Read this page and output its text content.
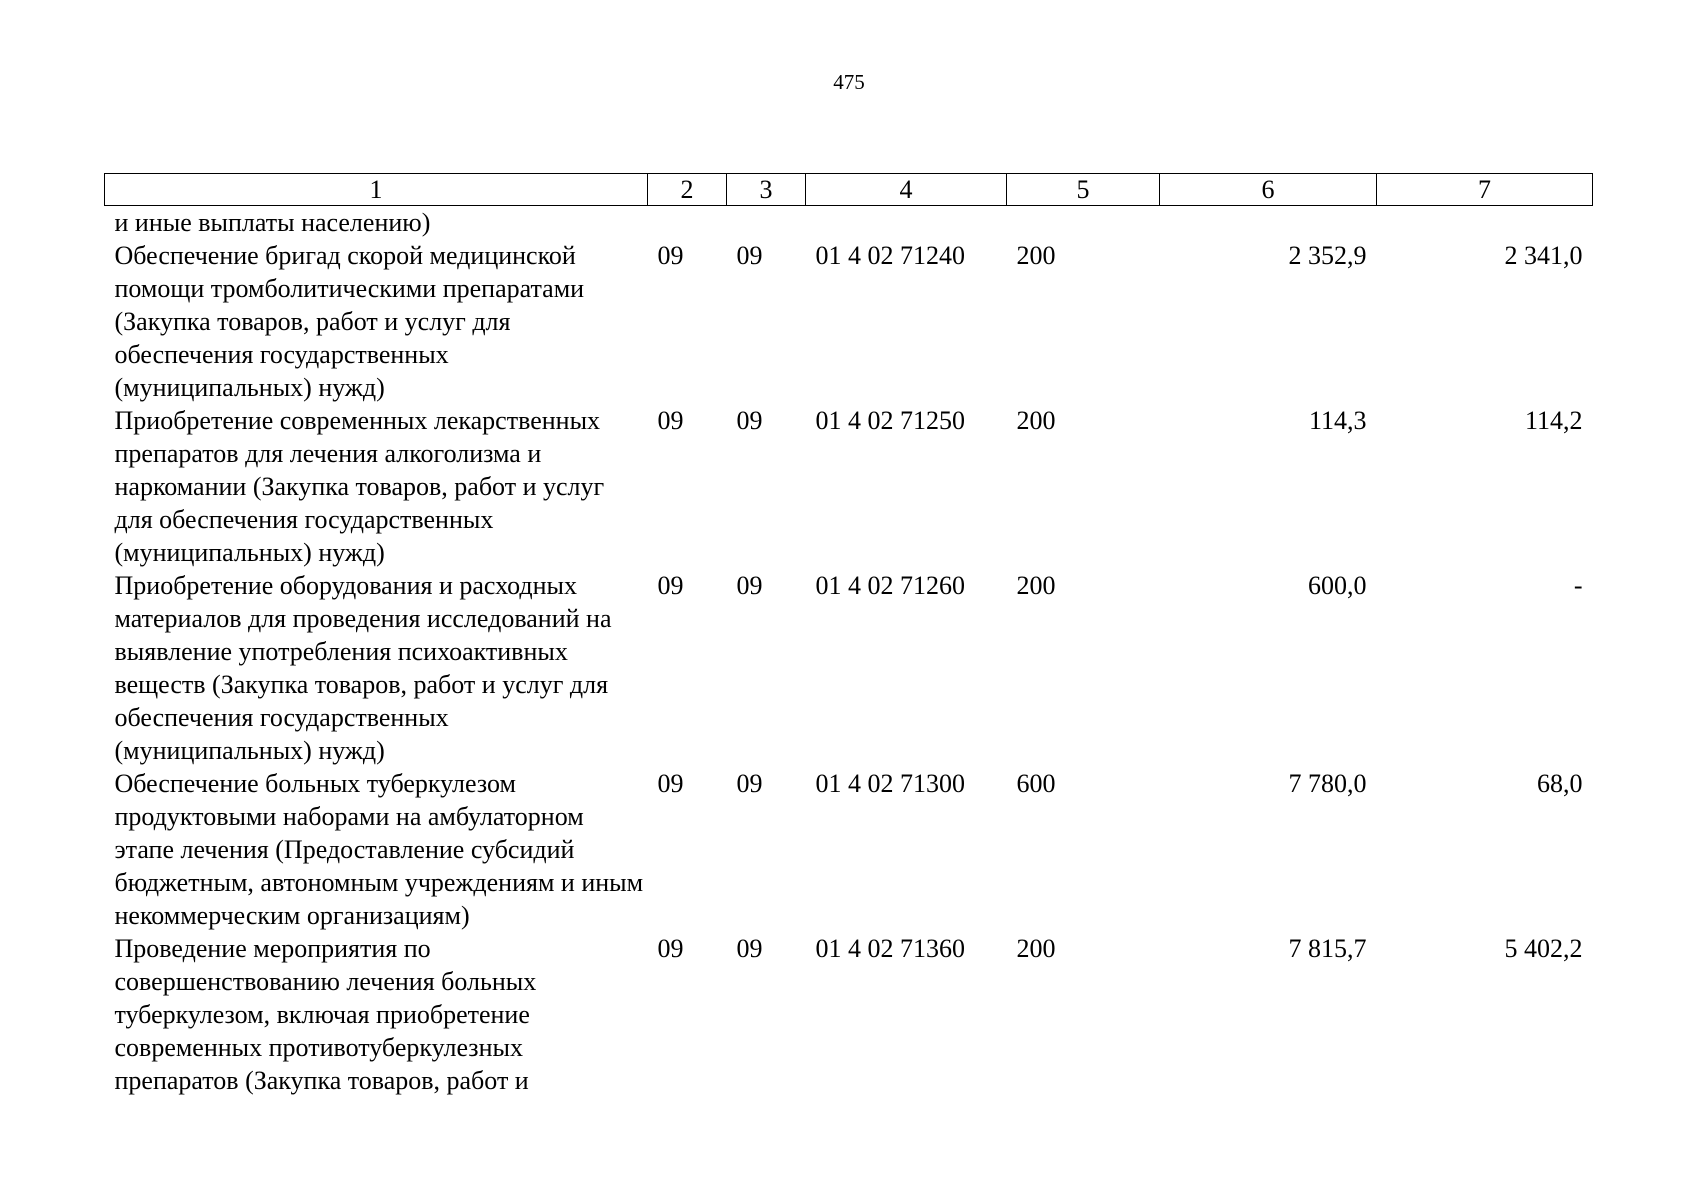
475
1	2	3	4	5	6	7
и иные выплаты населению)						
Обеспечение бригад скорой медицинской помощи тромболитическими препаратами (Закупка товаров, работ и услуг для обеспечения государственных (муниципальных) нужд)	09	09	01 4 02 71240	200	2 352,9	2 341,0
Приобретение современных лекарственных препаратов для лечения алкоголизма и наркомании (Закупка товаров, работ и услуг для обеспечения государственных (муниципальных) нужд)	09	09	01 4 02 71250	200	114,3	114,2
Приобретение оборудования и расходных материалов для проведения исследований на выявление употребления психоактивных веществ (Закупка товаров, работ и услуг для обеспечения государственных (муниципальных) нужд)	09	09	01 4 02 71260	200	600,0	-
Обеспечение больных туберкулезом продуктовыми наборами на амбулаторном этапе лечения (Предоставление субсидий бюджетным, автономным учреждениям и иным некоммерческим организациям)	09	09	01 4 02 71300	600	7 780,0	68,0
Проведение мероприятия по совершенствованию лечения больных туберкулезом, включая приобретение современных противотуберкулезных препаратов (Закупка товаров, работ и	09	09	01 4 02 71360	200	7 815,7	5 402,2
